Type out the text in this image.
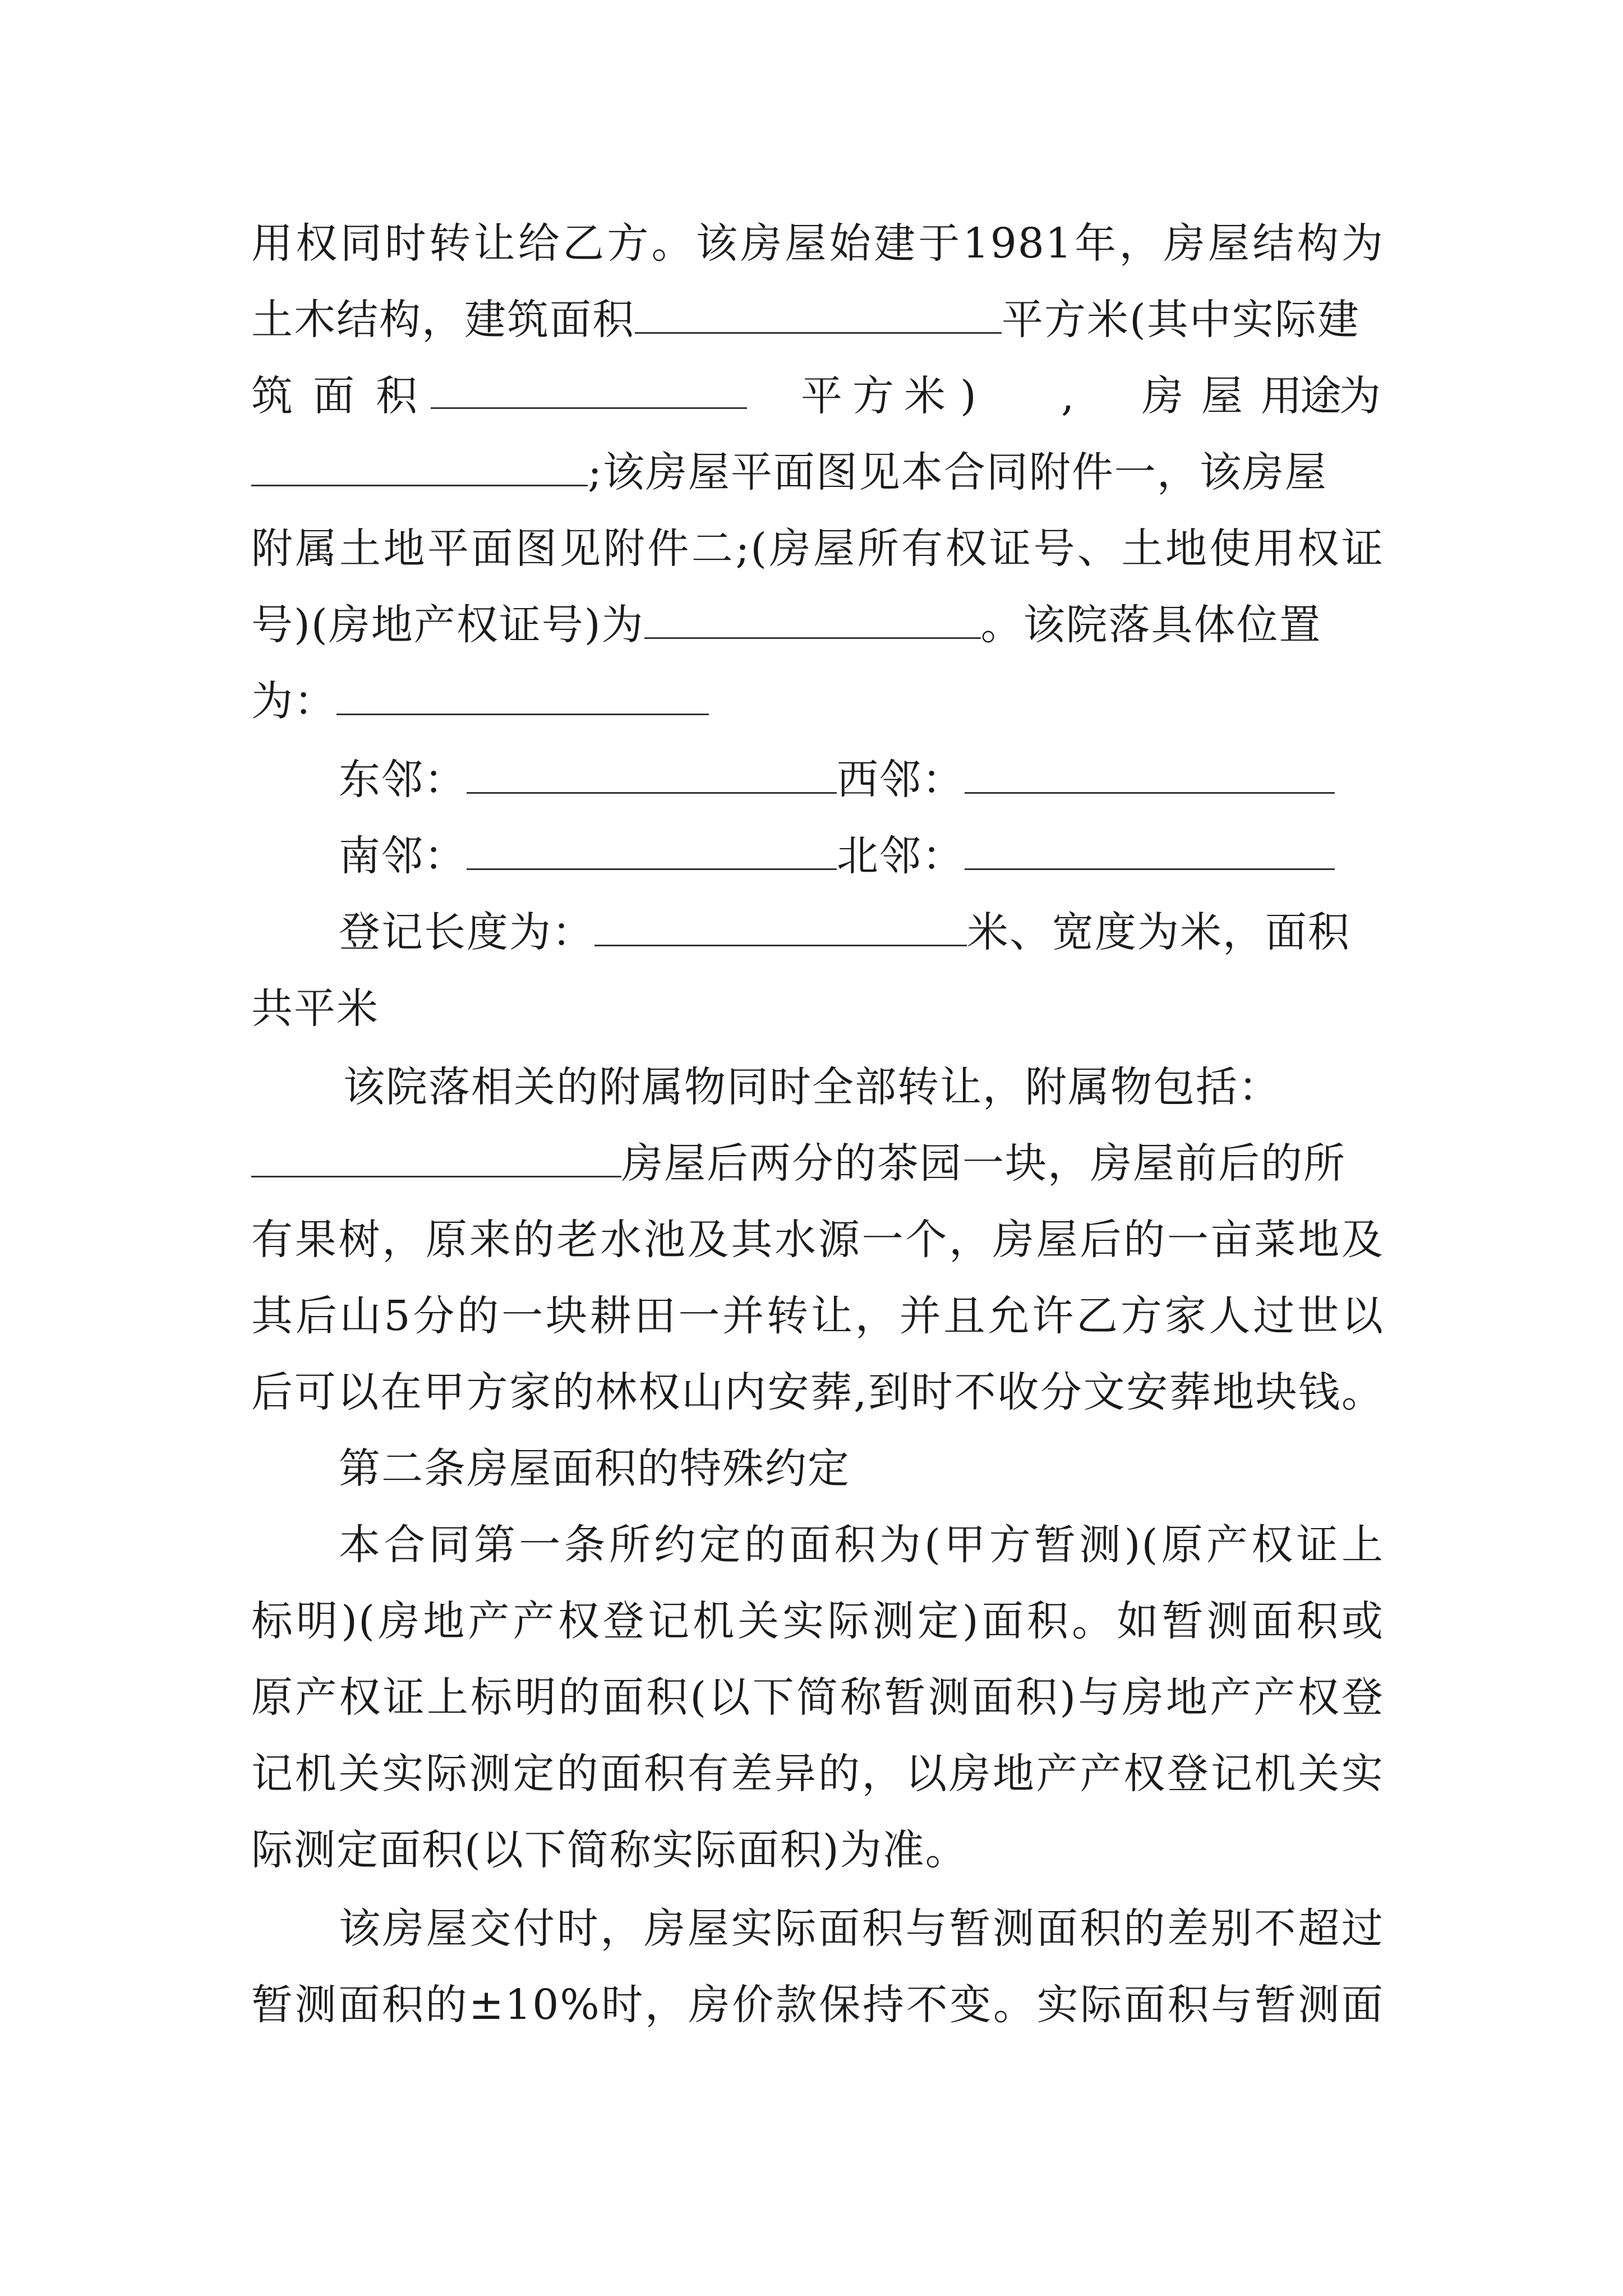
用权同时转让给乙方。该房屋始建于1981年，房屋结构为
土木结构，建筑面积	平方米(其中实际建
筑 面 积	平 方 米 ) , 房 屋 用
途
为
;该房屋平面图见本合同附件一，该房屋
附属土地平面图见附件二;(房屋所有权证号、土地使用权证
号)(房地产权证号)为	。该院落具体位置
为：
东邻：	西邻：
南邻：	北邻：
登记长度为：	米、宽度为米，面积
共平米
该院落相关的附属物同时全部转让，附属物包括：
房屋后两分的茶园一块，房屋前后的所
有果树，原来的老水池及其水源一个，房屋后的一亩菜地及
其后山5分的一块耕田一并转让，并且允许乙方家人过世以
后可以在甲方家的林权山内安葬,到时不收分文安葬地块钱。
第二条房屋面积的特殊约定
本合同第一条所约定的面积为(甲方暂测)(原产权证上
标明)(房地产产权登记机关实际测定)面积。如暂测面积或
原产权证上标明的面积(以下简称暂测面积)与房地产产权登
记机关实际测定的面积有差异的，以房地产产权登记机关实
际测定面积(以下简称实际面积)为准。
该房屋交付时，房屋实际面积与暂测面积的差别不超过
暂测面积的±10%时，房价款保持不变。实际面积与暂测面
